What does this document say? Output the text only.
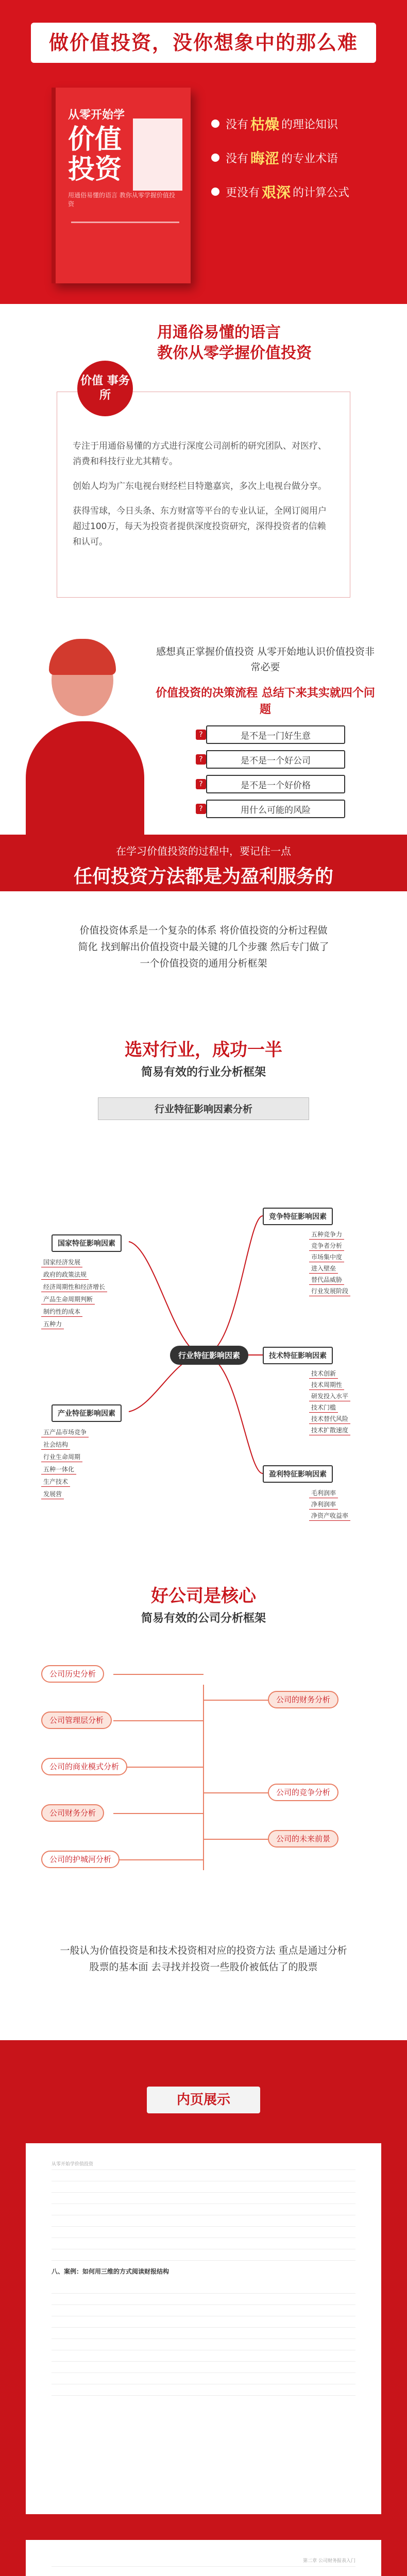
做价值投资，没你想象中的那么难
从零开始学
价值投资
用通俗易懂的语言 教你从零学握价值投资
没有 枯燥 的理论知识
没有 晦涩 的专业术语
更没有 艰深 的计算公式
用通俗易懂的语言
教你从零学握价值投资

专注于用通俗易懂的方式进行深度公司剖析的研究团队、对医疗、消费和科技行业尤其精专。

创始人均为广东电视台财经栏目特邀嘉宾，多次上电视台做分享。

获得雪球，今日头条、东方财富等平台的专业认证，全网订阅用户超过100万，每天为投资者提供深度投资研究，深得投资者的信赖和认可。

价值 事务所
感想真正掌握价值投资 从零开始地认识价值投资非常必要
价值投资的决策流程 总结下来其实就四个问题
?	是不是一门好生意
?	是不是一个好公司
?	是不是一个好价格
?	用什么可能的风险
在学习价值投资的过程中，要记住一点
任何投资方法都是为盈利服务的
价值投资体系是一个复杂的体系 将价值投资的分析过程做简化 找到解出价值投资中最关键的几个步骤 然后专门做了一个价值投资的通用分析框架
选对行业，成功一半
简易有效的行业分析框架
行业特征影响因素分析
行业特征影响因素
国家特征影响因素
国家经济发展
政府的政策法规
经济周期性和经济增长
产品生命周期判断
制约性的成本
五种力
产业特征影响因素
五产品市场竞争
社会结构
行业生命周期
五种一体化
生产技术
发展营
竞争特征影响因素
五种竞争力
竞争者分析
市场集中度
进入壁垒
替代品威胁
行业发展阶段
技术特征影响因素
技术创新
技术周期性
研发投入水平
技术门槛
技术替代风险
技术扩散速度
盈利特征影响因素
毛利润率
净利润率
净资产收益率
好公司是核心
简易有效的公司分析框架
公司历史分析
公司管理层分析
公司的商业模式分析
公司财务分析
公司的护城河分析
公司的财务分析
公司的竞争分析
公司的未来前景
一般认为价值投资是和技术投资相对应的投资方法 重点是通过分析股票的基本面 去寻找并投资一些股价被低估了的股票
内页展示
从零开始学价值投资
八、案例：如何用三维的方式阅读财报结构
第二章 公司财务报表入门
